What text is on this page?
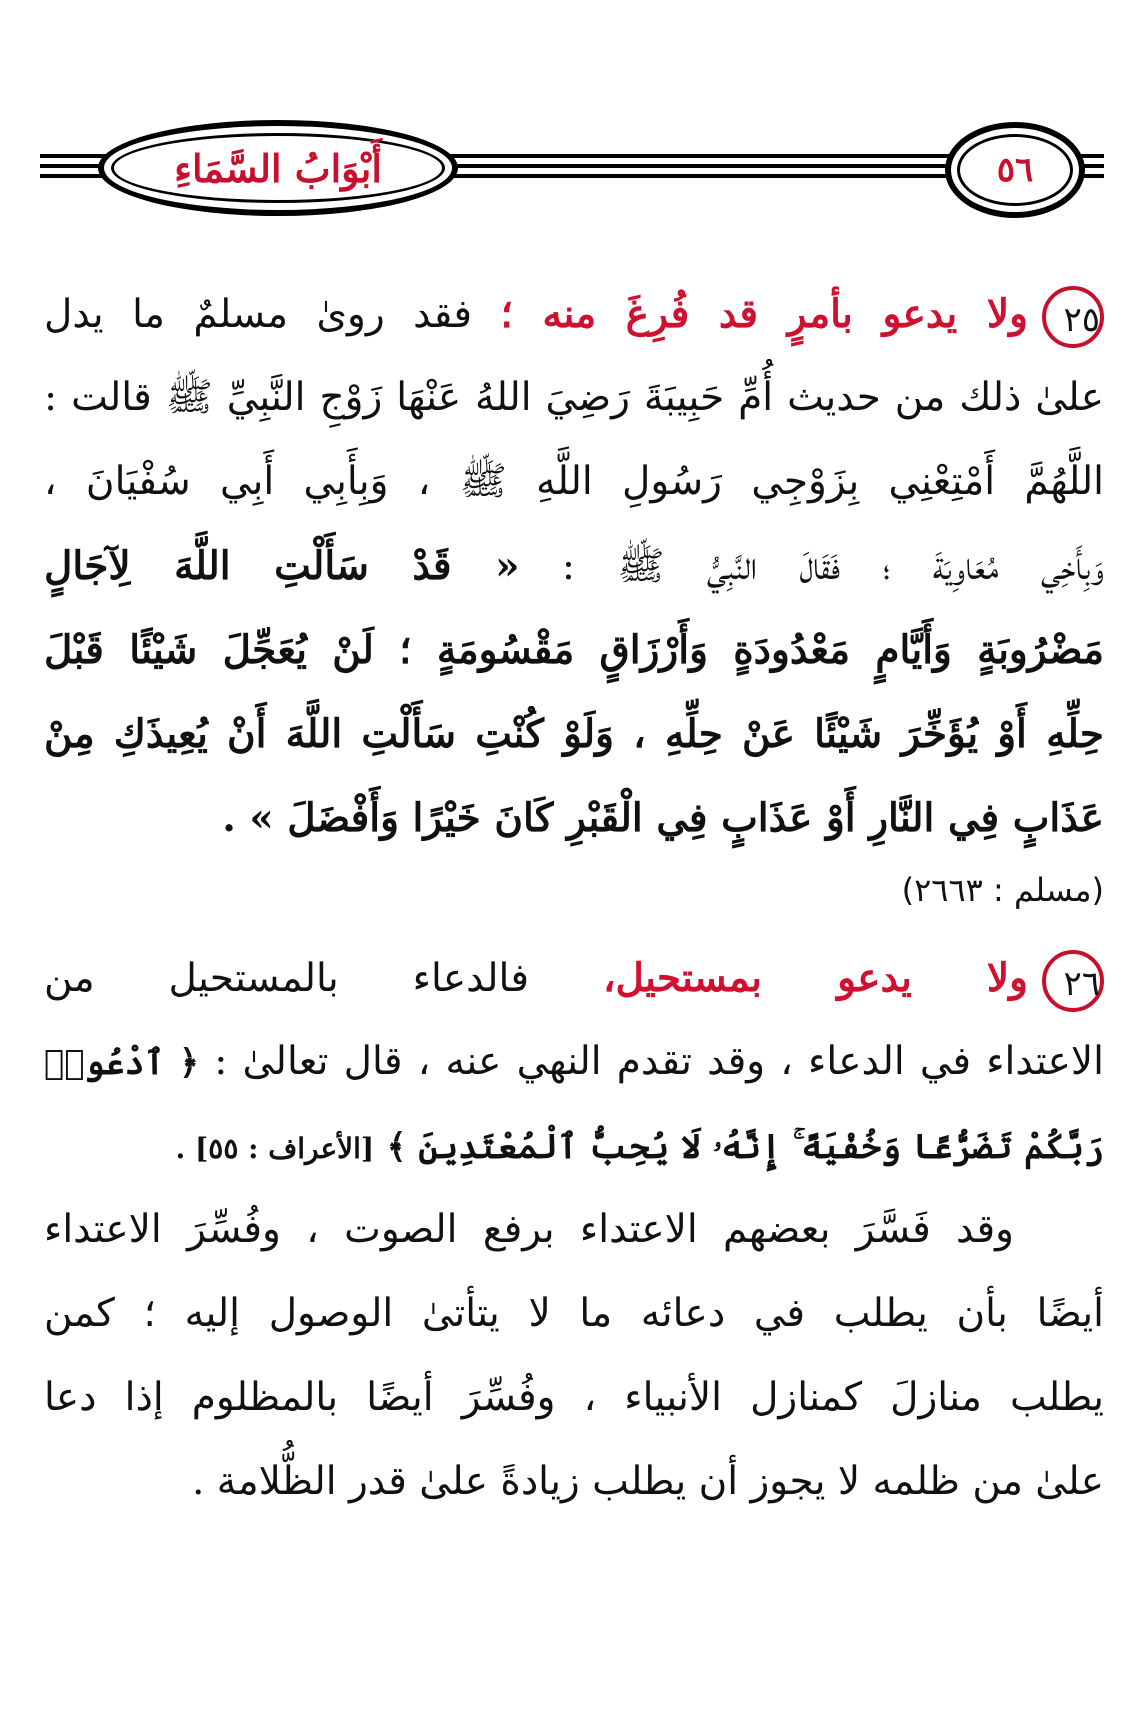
أَبْوَابُ السَّمَاءِ	٥٦
٢٥ولا يدعو بأمرٍ قد فُرِغَ منه ؛ فقد روىٰ مسلمٌ ما يدل
علىٰ ذلك من حديث أُمِّ حَبِيبَةَ رَضِيَ اللهُ عَنْهَا زَوْجِ النَّبِيِّ ﷺ قالت :
اللَّهُمَّ أَمْتِعْنِي بِزَوْجِي رَسُولِ اللَّهِ ﷺ ، وَبِأَبِي أَبِي سُفْيَانَ ،
وَبِأَخِي مُعَاوِيَةَ ؛ فَقَالَ النَّبِيُّ ﷺ : « قَدْ سَأَلْتِ اللَّهَ لِآجَالٍ
مَضْرُوبَةٍ وَأَيَّامٍ مَعْدُودَةٍ وَأَرْزَاقٍ مَقْسُومَةٍ ؛ لَنْ يُعَجِّلَ شَيْئًا قَبْلَ
حِلِّهِ أَوْ يُؤَخِّرَ شَيْئًا عَنْ حِلِّهِ ، وَلَوْ كُنْتِ سَأَلْتِ اللَّهَ أَنْ يُعِيذَكِ مِنْ
عَذَابٍ فِي النَّارِ أَوْ عَذَابٍ فِي الْقَبْرِ كَانَ خَيْرًا وَأَفْضَلَ » .
(مسلم : ٢٦٦٣)
٢٦ولا يدعو بمستحيل، فالدعاء بالمستحيل من
الاعتداء في الدعاء ، وقد تقدم النهي عنه ، قال تعالىٰ : ﴿ ٱدْعُوا۟
رَبَّكُمْ تَضَرُّعًا وَخُفْيَةً ۚ إِنَّهُۥ لَا يُحِبُّ ٱلْمُعْتَدِينَ ﴾ [الأعراف : ٥٥] .
وقد فَسَّرَ بعضهم الاعتداء برفع الصوت ، وفُسِّرَ الاعتداء
أيضًا بأن يطلب في دعائه ما لا يتأتىٰ الوصول إليه ؛ كمن
يطلب منازلَ كمنازل الأنبياء ، وفُسِّرَ أيضًا بالمظلوم إذا دعا
علىٰ من ظلمه لا يجوز أن يطلب زيادةً علىٰ قدر الظُّلامة .
